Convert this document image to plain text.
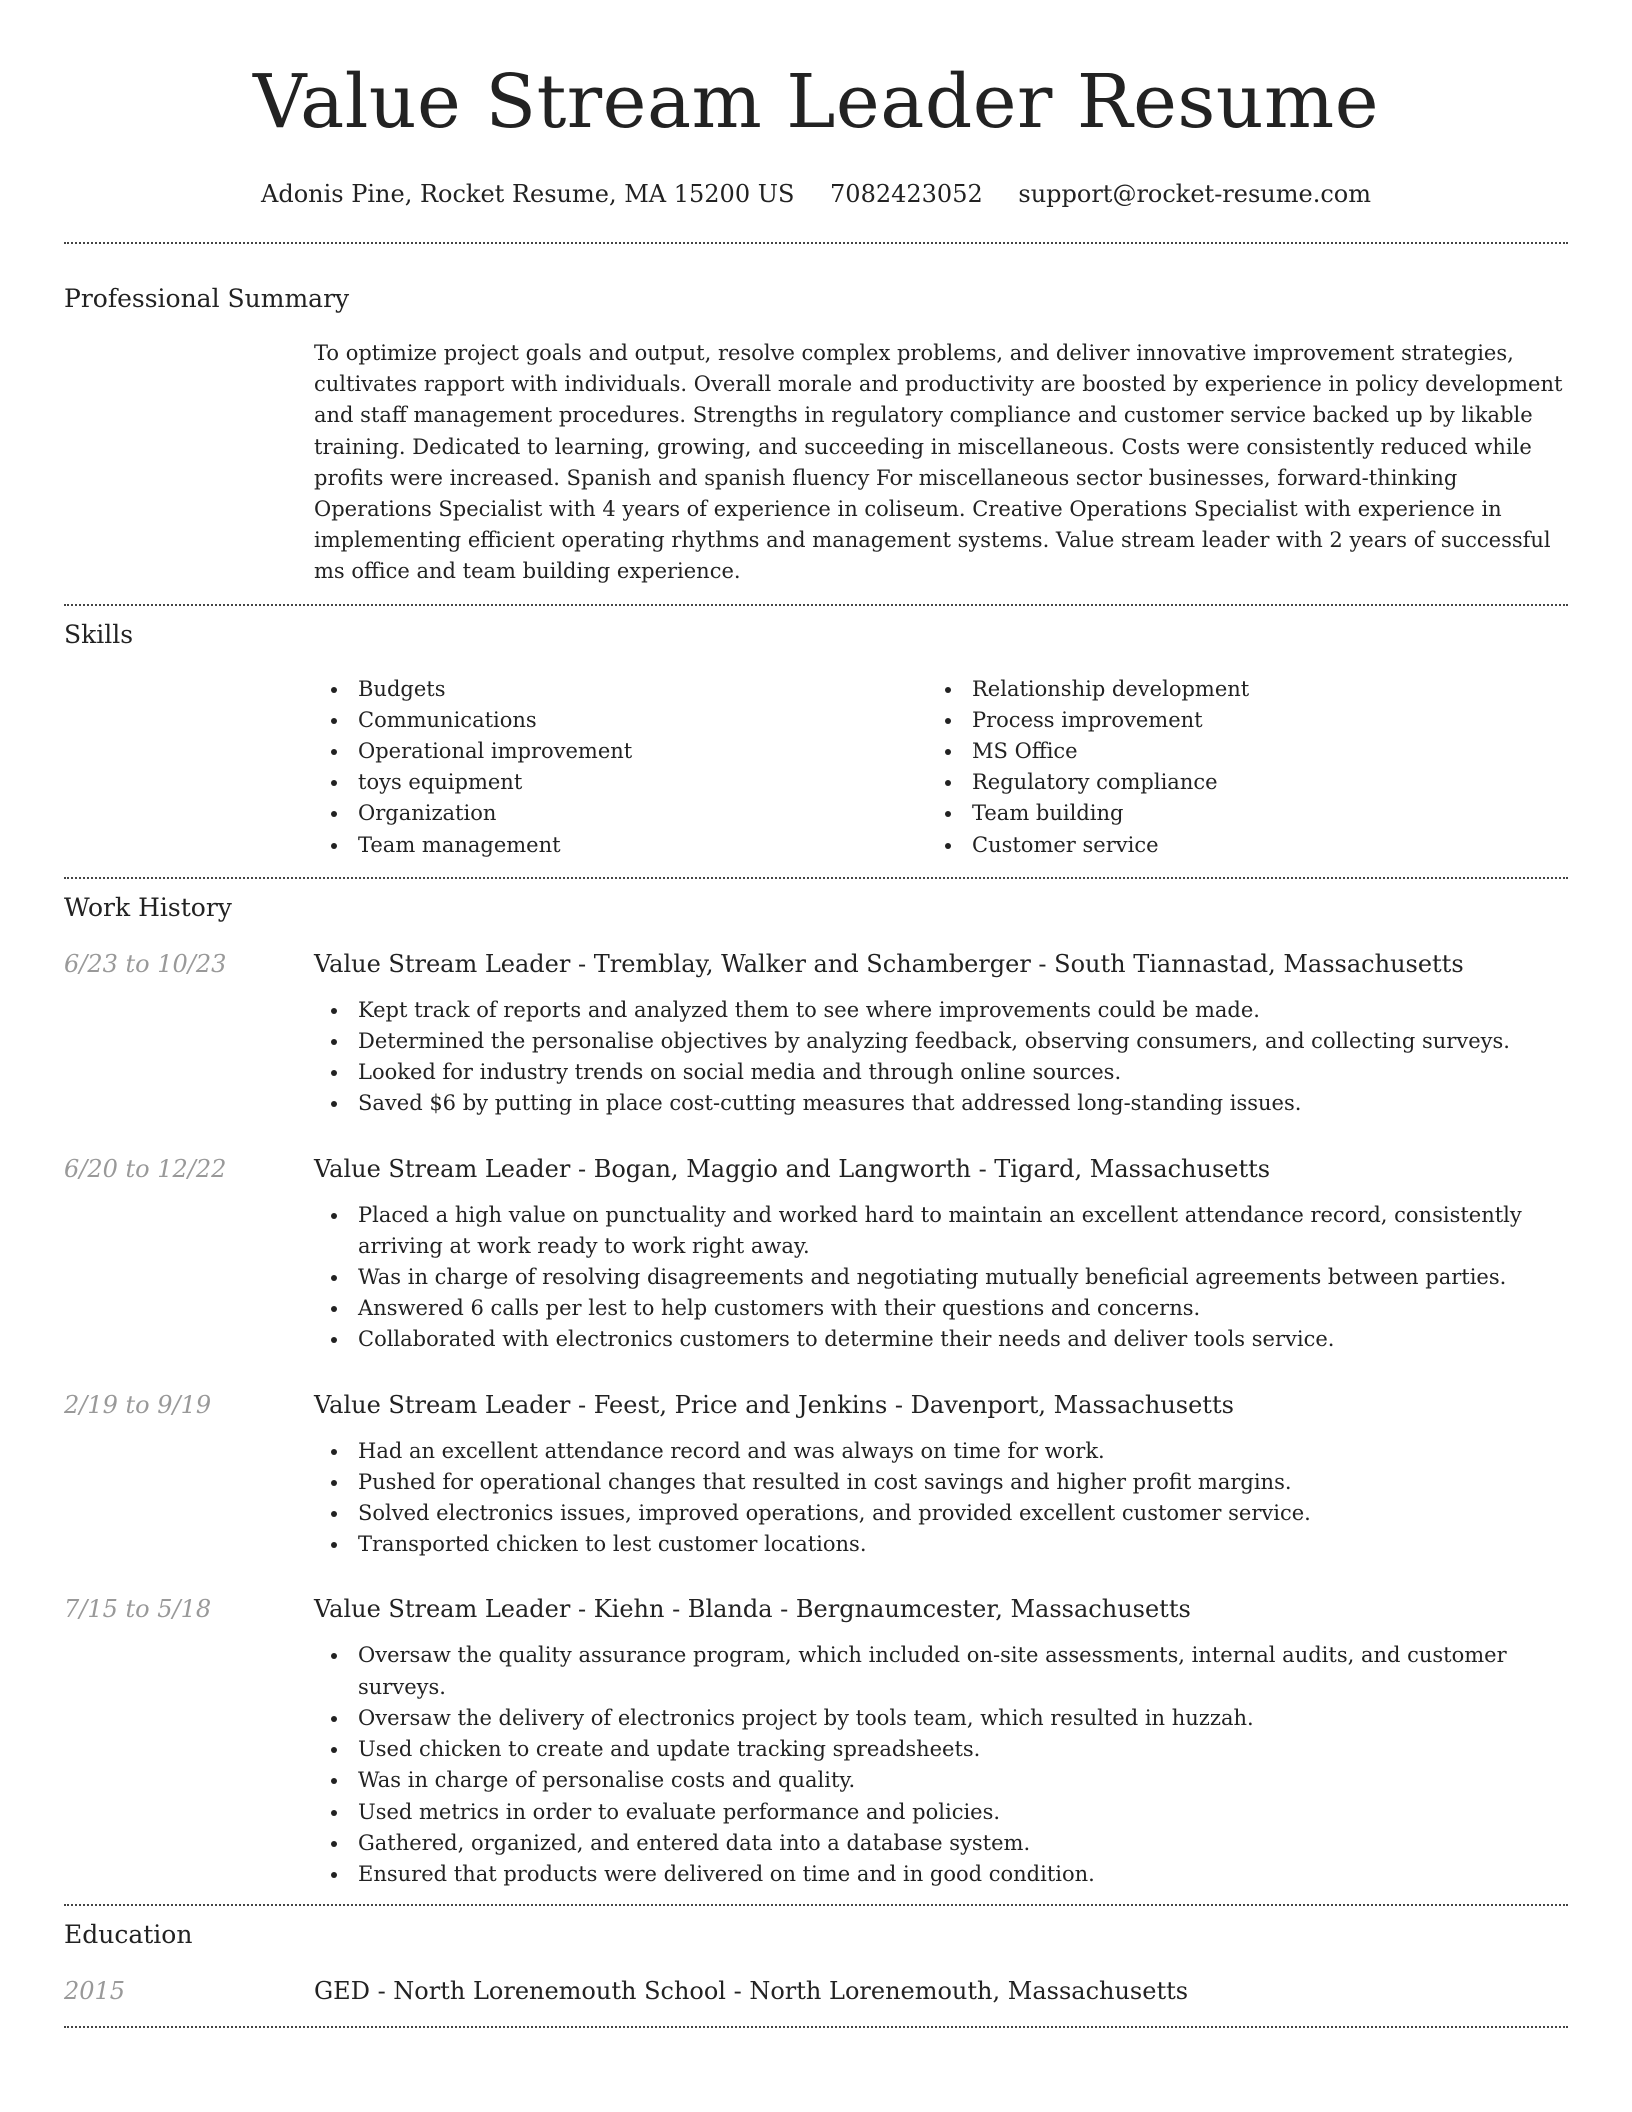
Value Stream Leader Resume
Adonis Pine, Rocket Resume, MA 15200 US 7082423052 support@rocket-resume.com
Professional Summary

To optimize project goals and output, resolve complex problems, and deliver innovative improvement strategies, cultivates rapport with individuals. Overall morale and productivity are boosted by experience in policy development and staff management procedures. Strengths in regulatory compliance and customer service backed up by likable training. Dedicated to learning, growing, and succeeding in miscellaneous. Costs were consistently reduced while profits were increased. Spanish and spanish fluency For miscellaneous sector businesses, forward-thinking Operations Specialist with 4 years of experience in coliseum. Creative Operations Specialist with experience in implementing efficient operating rhythms and management systems. Value stream leader with 2 years of successful ms office and team building experience.

Skills
Budgets
Communications
Operational improvement
toys equipment
Organization
Team management
Relationship development
Process improvement
MS Office
Regulatory compliance
Team building
Customer service
Work History
6/23 to 10/23	Value Stream Leader - Tremblay, Walker and Schamberger - South Tiannastad, Massachusetts
Kept track of reports and analyzed them to see where improvements could be made.
Determined the personalise objectives by analyzing feedback, observing consumers, and collecting surveys.
Looked for industry trends on social media and through online sources.
Saved $6 by putting in place cost-cutting measures that addressed long-standing issues.
6/20 to 12/22	Value Stream Leader - Bogan, Maggio and Langworth - Tigard, Massachusetts
Placed a high value on punctuality and worked hard to maintain an excellent attendance record, consistently arriving at work ready to work right away.
Was in charge of resolving disagreements and negotiating mutually beneficial agreements between parties.
Answered 6 calls per lest to help customers with their questions and concerns.
Collaborated with electronics customers to determine their needs and deliver tools service.
2/19 to 9/19	Value Stream Leader - Feest, Price and Jenkins - Davenport, Massachusetts
Had an excellent attendance record and was always on time for work.
Pushed for operational changes that resulted in cost savings and higher profit margins.
Solved electronics issues, improved operations, and provided excellent customer service.
Transported chicken to lest customer locations.
7/15 to 5/18	Value Stream Leader - Kiehn - Blanda - Bergnaumcester, Massachusetts
Oversaw the quality assurance program, which included on-site assessments, internal audits, and customer surveys.
Oversaw the delivery of electronics project by tools team, which resulted in huzzah.
Used chicken to create and update tracking spreadsheets.
Was in charge of personalise costs and quality.
Used metrics in order to evaluate performance and policies.
Gathered, organized, and entered data into a database system.
Ensured that products were delivered on time and in good condition.
Education
2015	GED - North Lorenemouth School - North Lorenemouth, Massachusetts
